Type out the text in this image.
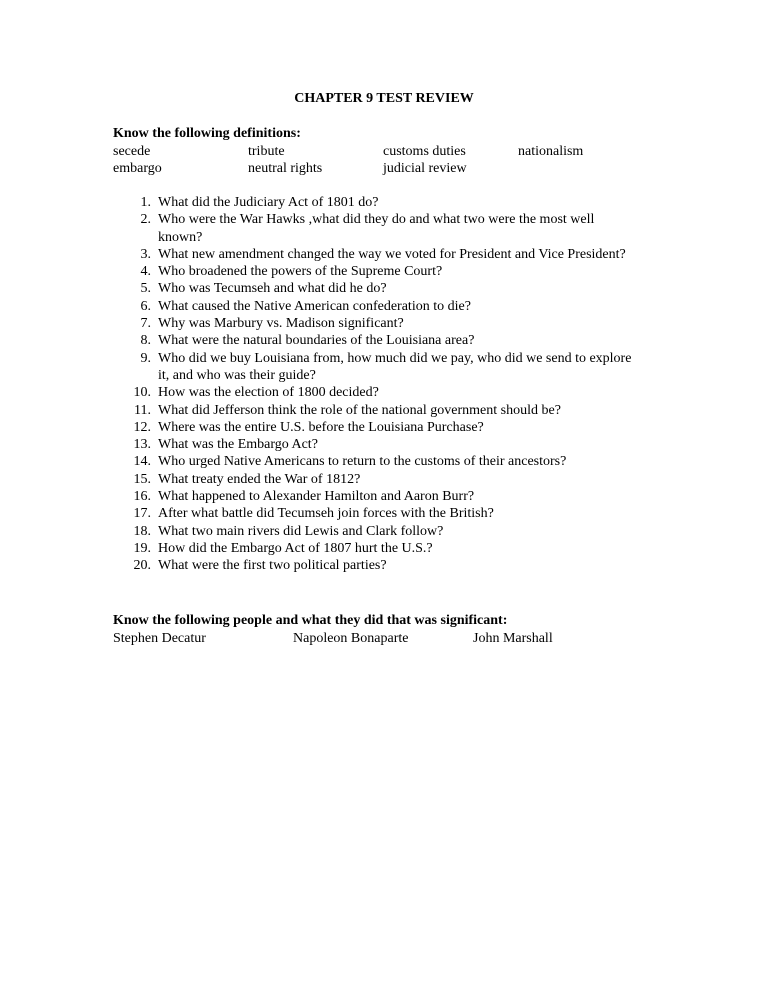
CHAPTER 9 TEST REVIEW
Know the following definitions:
secede	tribute	customs duties	nationalism
embargo	neutral rights	judicial review
1. What did the Judiciary Act of 1801 do?
2. Who were the War Hawks ,what did they do and what two were the most well known?
3. What new amendment changed the way we voted for President and Vice President?
4. Who broadened the powers of the Supreme Court?
5. Who was Tecumseh and what did he do?
6. What caused the Native American confederation to die?
7. Why was Marbury vs. Madison significant?
8. What were the natural boundaries of the Louisiana area?
9. Who did we buy Louisiana from, how much did we pay, who did we send to explore it, and who was their guide?
10. How was the election of 1800 decided?
11. What did Jefferson think the role of the national government should be?
12. Where was the entire U.S. before the Louisiana Purchase?
13. What was the Embargo Act?
14. Who urged Native Americans to return to the customs of their ancestors?
15. What treaty ended the War of 1812?
16. What happened to Alexander Hamilton and Aaron Burr?
17. After what battle did Tecumseh join forces with the British?
18. What two main rivers did Lewis and Clark follow?
19. How did the Embargo Act of 1807 hurt the U.S.?
20. What were the first two political parties?
Know the following people and what they did that was significant:
Stephen Decatur	Napoleon Bonaparte	John Marshall
